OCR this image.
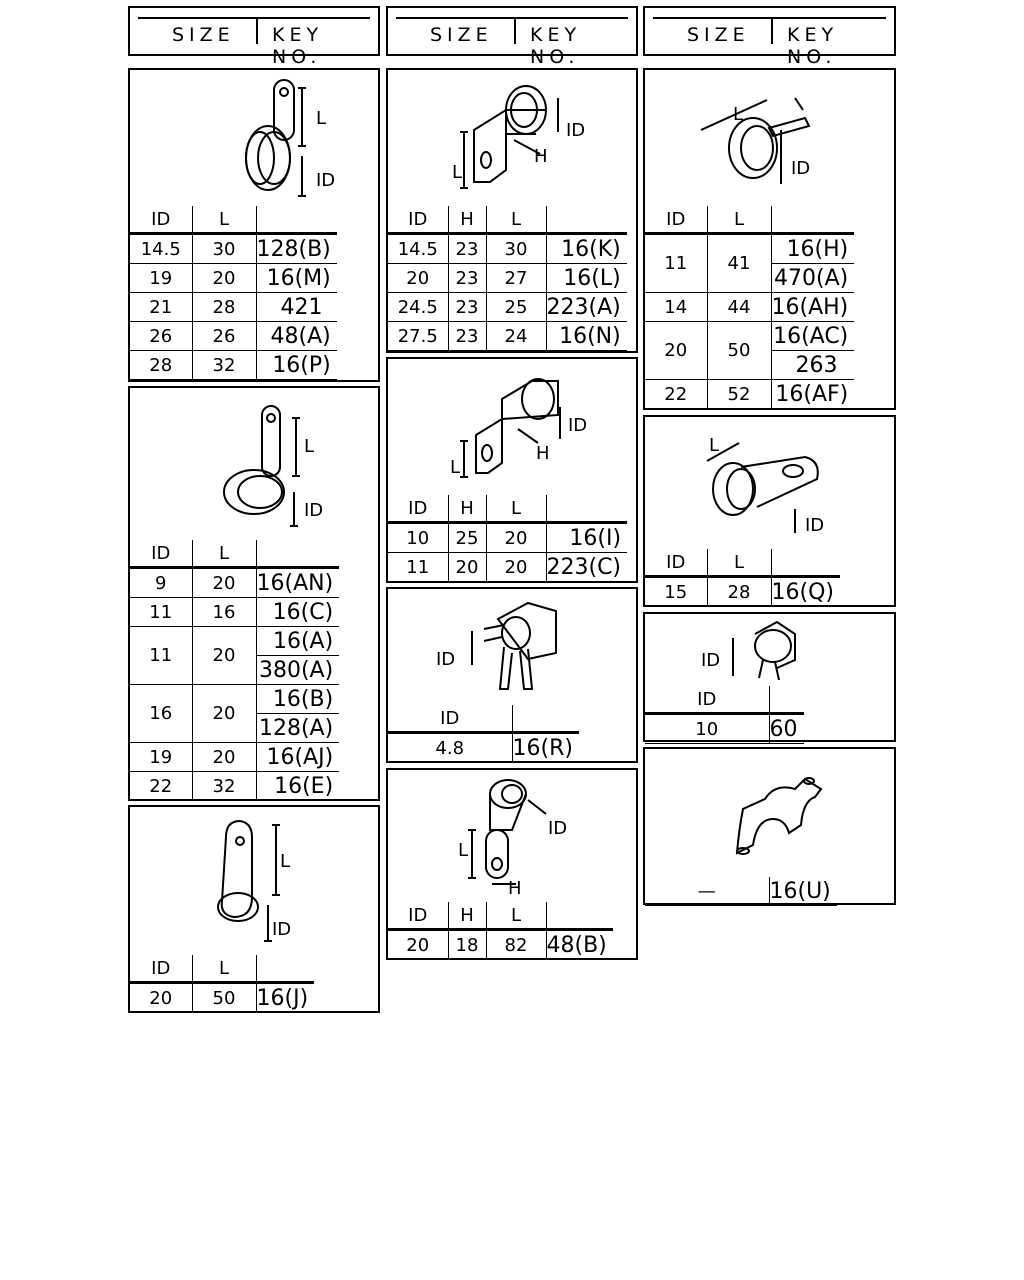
SIZE KEY NO.
SIZE KEY NO.
SIZE KEY NO.
L
ID
ID	L	
14.5	30	128(B)
19	20	16(M)
21	28	421
26	26	48(A)
28	32	16(P)
L
ID
ID	L	
9	20	16(AN)
11	16	16(C)
11	20	16(A)
		380(A)
16	20	16(B)
		128(A)
19	20	16(AJ)
22	32	16(E)
L
ID
ID	L	
20	50	16(J)
L
H
ID
ID	H	L	
14.5	23	30	16(K)
20	23	27	16(L)
24.5	23	25	223(A)
27.5	23	24	16(N)
L
H
ID
ID	H	L	
10	25	20	16(I)
11	20	20	223(C)
ID
ID	
4.8	16(R)
L
H
ID
ID	H	L	
20	18	82	48(B)
L
ID
ID	L	
11	41	16(H)
		470(A)
14	44	16(AH)
20	50	16(AC)
		263
22	52	16(AF)
L
ID
ID	L	
15	28	16(Q)
ID
ID	
10	60
—	16(U)
